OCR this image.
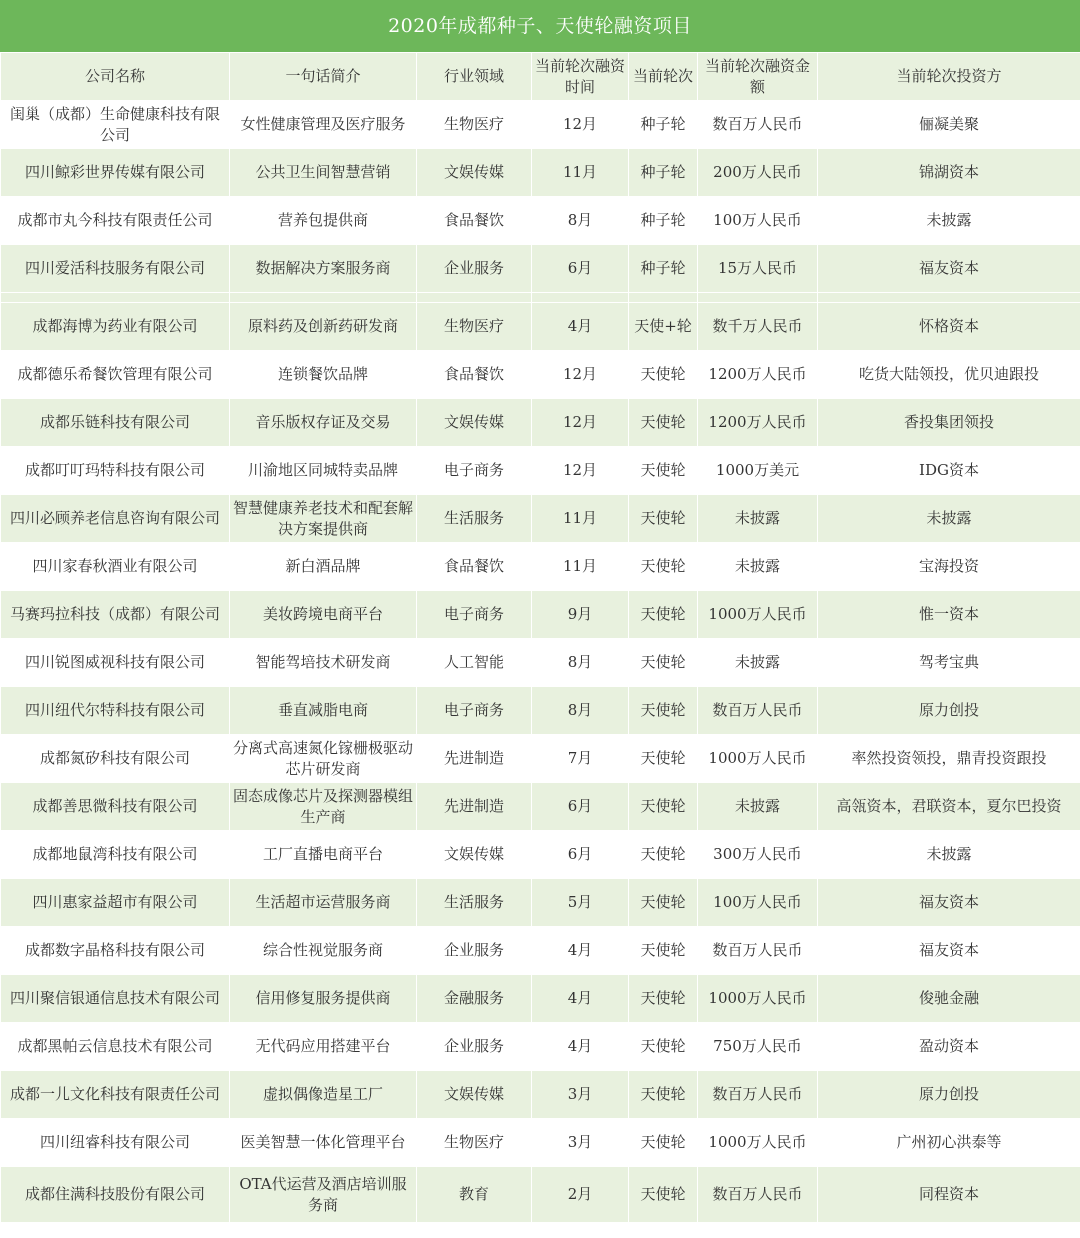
2020年成都种子、天使轮融资项目
公司名称	一句话简介	行业领域	当前轮次融资时间	当前轮次	当前轮次融资金额	当前轮次投资方
闺巢（成都）生命健康科技有限公司	女性健康管理及医疗服务	生物医疗	12月	种子轮	数百万人民币	俪凝美聚
四川鲸彩世界传媒有限公司	公共卫生间智慧营销	文娱传媒	11月	种子轮	200万人民币	锦湖资本
成都市丸今科技有限责任公司	营养包提供商	食品餐饮	8月	种子轮	100万人民币	未披露
四川爱活科技服务有限公司	数据解决方案服务商	企业服务	6月	种子轮	15万人民币	福友资本

成都海博为药业有限公司	原料药及创新药研发商	生物医疗	4月	天使+轮	数千万人民币	怀格资本
成都德乐希餐饮管理有限公司	连锁餐饮品牌	食品餐饮	12月	天使轮	1200万人民币	吃货大陆领投，优贝迪跟投
成都乐链科技有限公司	音乐版权存证及交易	文娱传媒	12月	天使轮	1200万人民币	香投集团领投
成都叮叮玛特科技有限公司	川渝地区同城特卖品牌	电子商务	12月	天使轮	1000万美元	IDG资本
四川必顾养老信息咨询有限公司	智慧健康养老技术和配套解决方案提供商	生活服务	11月	天使轮	未披露	未披露
四川家春秋酒业有限公司	新白酒品牌	食品餐饮	11月	天使轮	未披露	宝海投资
马赛玛拉科技（成都）有限公司	美妆跨境电商平台	电子商务	9月	天使轮	1000万人民币	惟一资本
四川锐图威视科技有限公司	智能驾培技术研发商	人工智能	8月	天使轮	未披露	驾考宝典
四川纽代尔特科技有限公司	垂直减脂电商	电子商务	8月	天使轮	数百万人民币	原力创投
成都氮矽科技有限公司	分离式高速氮化镓栅极驱动芯片研发商	先进制造	7月	天使轮	1000万人民币	率然投资领投，鼎青投资跟投
成都善思微科技有限公司	固态成像芯片及探测器模组生产商	先进制造	6月	天使轮	未披露	高瓴资本，君联资本，夏尔巴投资
成都地鼠湾科技有限公司	工厂直播电商平台	文娱传媒	6月	天使轮	300万人民币	未披露
四川惠家益超市有限公司	生活超市运营服务商	生活服务	5月	天使轮	100万人民币	福友资本
成都数字晶格科技有限公司	综合性视觉服务商	企业服务	4月	天使轮	数百万人民币	福友资本
四川聚信银通信息技术有限公司	信用修复服务提供商	金融服务	4月	天使轮	1000万人民币	俊驰金融
成都黑帕云信息技术有限公司	无代码应用搭建平台	企业服务	4月	天使轮	750万人民币	盈动资本
成都一儿文化科技有限责任公司	虚拟偶像造星工厂	文娱传媒	3月	天使轮	数百万人民币	原力创投
四川纽睿科技有限公司	医美智慧一体化管理平台	生物医疗	3月	天使轮	1000万人民币	广州初心洪泰等
成都住满科技股份有限公司	OTA代运营及酒店培训服务商	教育	2月	天使轮	数百万人民币	同程资本
